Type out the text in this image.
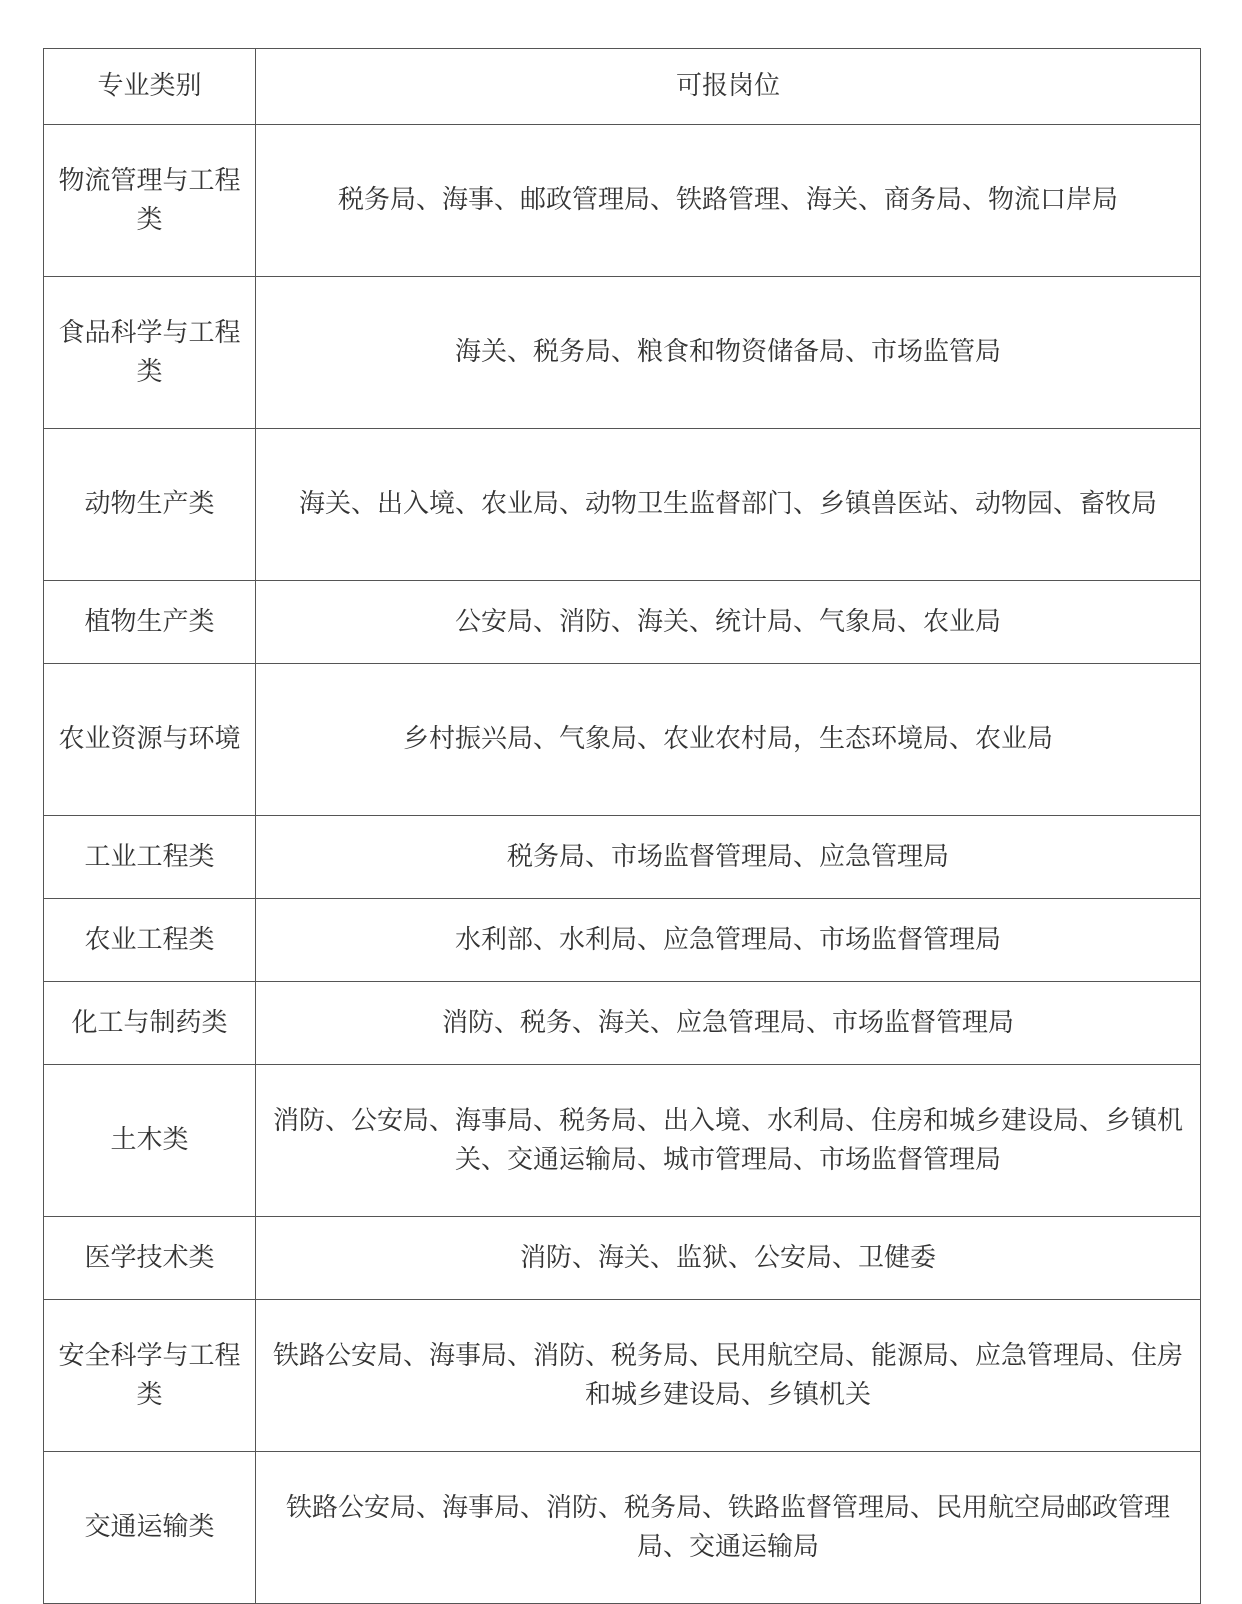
专业类别	可报岗位
物流管理与工程类	税务局、海事、邮政管理局、铁路管理、海关、商务局、物流口岸局
食品科学与工程类	海关、税务局、粮食和物资储备局、市场监管局
动物生产类	海关、出入境、农业局、动物卫生监督部门、乡镇兽医站、动物园、畜牧局
植物生产类	公安局、消防、海关、统计局、气象局、农业局
农业资源与环境	乡村振兴局、气象局、农业农村局，生态环境局、农业局
工业工程类	税务局、市场监督管理局、应急管理局
农业工程类	水利部、水利局、应急管理局、市场监督管理局
化工与制药类	消防、税务、海关、应急管理局、市场监督管理局
土木类	消防、公安局、海事局、税务局、出入境、水利局、住房和城乡建设局、乡镇机关、交通运输局、城市管理局、市场监督管理局
医学技术类	消防、海关、监狱、公安局、卫健委
安全科学与工程类	铁路公安局、海事局、消防、税务局、民用航空局、能源局、应急管理局、住房和城乡建设局、乡镇机关
交通运输类	铁路公安局、海事局、消防、税务局、铁路监督管理局、民用航空局邮政管理局、交通运输局
